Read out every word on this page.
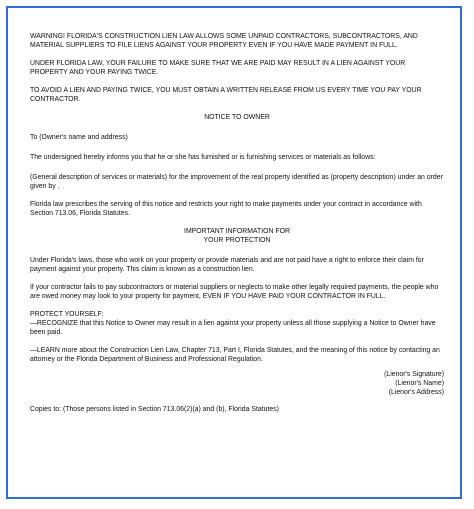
WARNING! FLORIDA'S CONSTRUCTION LIEN LAW ALLOWS SOME UNPAID CONTRACTORS, SUBCONTRACTORS, AND MATERIAL SUPPLIERS TO FILE LIENS AGAINST YOUR PROPERTY EVEN IF YOU HAVE MADE PAYMENT IN FULL.

UNDER FLORIDA LAW, YOUR FAILURE TO MAKE SURE THAT WE ARE PAID MAY RESULT IN A LIEN AGAINST YOUR PROPERTY AND YOUR PAYING TWICE.

TO AVOID A LIEN AND PAYING TWICE, YOU MUST OBTAIN A WRITTEN RELEASE FROM US EVERY TIME YOU PAY YOUR CONTRACTOR.

NOTICE TO OWNER

To (Owner's name and address)

The undersigned hereby informs you that he or she has furnished or is furnishing services or materials as follows:

(General description of services or materials) for the improvement of the real property identified as (property description) under an order given by .

Florida law prescribes the serving of this notice and restricts your right to make payments under your contract in accordance with Section 713.06, Florida Statutes.

IMPORTANT INFORMATION FOR

YOUR PROTECTION

Under Florida's laws, those who work on your property or provide materials and are not paid have a right to enforce their claim for payment against your property. This claim is known as a construction lien.

If your contractor fails to pay subcontractors or material suppliers or neglects to make other legally required payments, the people who are owed money may look to your property for payment, EVEN IF YOU HAVE PAID YOUR CONTRACTOR IN FULL.

PROTECT YOURSELF:

—RECOGNIZE that this Notice to Owner may result in a lien against your property unless all those supplying a Notice to Owner have been paid.

—LEARN more about the Construction Lien Law, Chapter 713, Part I, Florida Statutes, and the meaning of this notice by contacting an attorney or the Florida Department of Business and Professional Regulation.

(Lienor's Signature)

(Lienor's Name)

(Lienor's Address)

Copies to: (Those persons listed in Section 713.06(2)(a) and (b), Florida Statutes)
